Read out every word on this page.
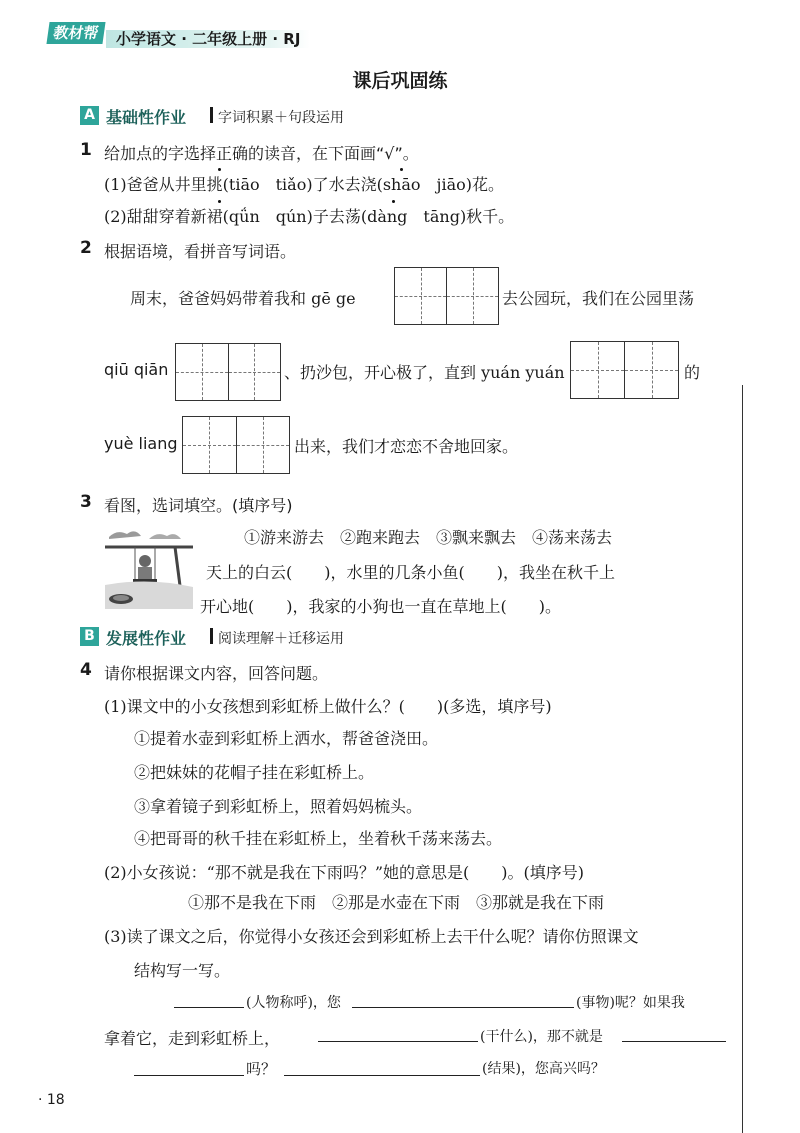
教材帮	小学语文 · 二年级上册 · RJ
课后巩固练
A 基础性作业 字词积累＋句段运用
1 给加点的字选择正确的读音，在下面画“√”。
(1)爸爸从井里挑(tiāo　tiǎo)了水去浇(shāo　jiāo)花。
(2)甜甜穿着新裙(qǘn　qún)子去荡(dàng　tāng)秋千。
2 根据语境，看拼音写词语。
周末，爸爸妈妈带着我和 gē ge	去公园玩，我们在公园里荡
qiū qiān	、扔沙包，开心极了，直到 yuán yuán	的
yuè liang	出来，我们才恋恋不舍地回家。
3 看图，选词填空。(填序号)
①游来游去　②跑来跑去　③飘来飘去　④荡来荡去
天上的白云(　　)，水里的几条小鱼(　　)，我坐在秋千上
开心地(　　)，我家的小狗也一直在草地上(　　)。
B 发展性作业 阅读理解＋迁移运用
4 请你根据课文内容，回答问题。
(1)课文中的小女孩想到彩虹桥上做什么？(　　)(多选，填序号)
①提着水壶到彩虹桥上洒水，帮爸爸浇田。
②把妹妹的花帽子挂在彩虹桥上。
③拿着镜子到彩虹桥上，照着妈妈梳头。
④把哥哥的秋千挂在彩虹桥上，坐着秋千荡来荡去。
(2)小女孩说：“那不就是我在下雨吗？”她的意思是(　　)。(填序号)
①那不是我在下雨　②那是水壶在下雨　③那就是我在下雨
(3)读了课文之后，你觉得小女孩还会到彩虹桥上去干什么呢？请你仿照课文
结构写一写。
(人物称呼)，您	(事物)呢？如果我
拿着它，走到彩虹桥上，	(干什么)，那不就是
吗？	(结果)，您高兴吗？
· 18
